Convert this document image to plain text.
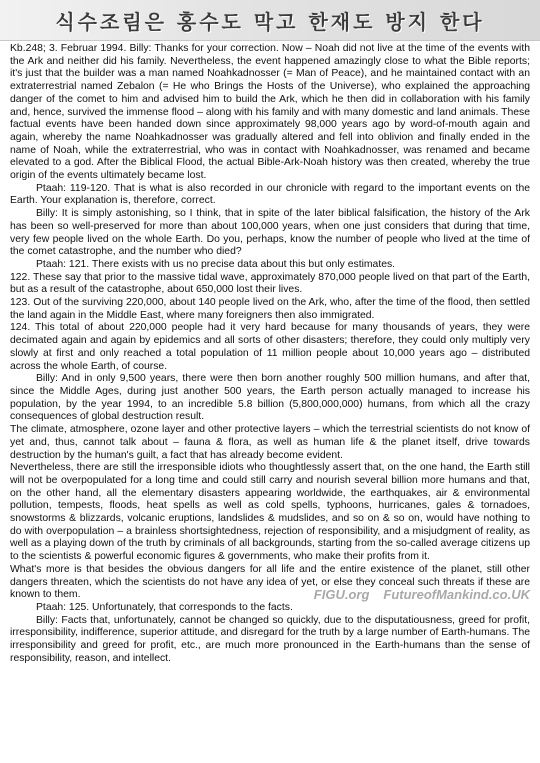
식수조림은 홍수도 막고 한재도 방지 한다

Kb.248; 3. Februar 1994. Billy: Thanks for your correction. Now – Noah did not live at the time of the events with the Ark and neither did his family. Nevertheless, the event happened amazingly close to what the Bible reports; it's just that the builder was a man named Noahkadnosser (= Man of Peace), and he maintained contact with an extraterrestrial named Zebalon (= He who Brings the Hosts of the Universe), who explained the approaching danger of the comet to him and advised him to build the Ark, which he then did in collaboration with his family and, hence, survived the immense flood – along with his family and with many domestic and land animals. These factual events have been handed down since approximately 98,000 years ago by word-of-mouth again and again, whereby the name Noahkadnosser was gradually altered and fell into oblivion and finally ended in the name of Noah, while the extraterrestrial, who was in contact with Noahkadnosser, was renamed and became elevated to a god. After the Biblical Flood, the actual Bible-Ark-Noah history was then created, whereby the true origin of the events ultimately became lost.

Ptaah: 119-120. That is what is also recorded in our chronicle with regard to the important events on the Earth. Your explanation is, therefore, correct.

Billy: It is simply astonishing, so I think, that in spite of the later biblical falsification, the history of the Ark has been so well-preserved for more than about 100,000 years, when one just considers that during that time, very few people lived on the whole Earth. Do you, perhaps, know the number of people who lived at the time of the comet catastrophe, and the number who died?

Ptaah: 121. There exists with us no precise data about this but only estimates.

122. These say that prior to the massive tidal wave, approximately 870,000 people lived on that part of the Earth, but as a result of the catastrophe, about 650,000 lost their lives.

123. Out of the surviving 220,000, about 140 people lived on the Ark, who, after the time of the flood, then settled the land again in the Middle East, where many foreigners then also immigrated.

124. This total of about 220,000 people had it very hard because for many thousands of years, they were decimated again and again by epidemics and all sorts of other disasters; therefore, they could only multiply very slowly at first and only reached a total population of 11 million people about 10,000 years ago – distributed across the whole Earth, of course.

Billy: And in only 9,500 years, there were then born another roughly 500 million humans, and after that, since the Middle Ages, during just another 500 years, the Earth person actually managed to increase his population, by the year 1994, to an incredible 5.8 billion (5,800,000,000) humans, from which all the crazy consequences of global destruction result.

The climate, atmosphere, ozone layer and other protective layers – which the terrestrial scientists do not know of yet and, thus, cannot talk about – fauna & flora, as well as human life & the planet itself, drive towards destruction by the human's guilt, a fact that has already become evident.

Nevertheless, there are still the irresponsible idiots who thoughtlessly assert that, on the one hand, the Earth still will not be overpopulated for a long time and could still carry and nourish several billion more humans and that, on the other hand, all the elementary disasters appearing worldwide, the earthquakes, air & environmental pollution, tempests, floods, heat spells as well as cold spells, typhoons, hurricanes, gales & tornadoes, snowstorms & blizzards, volcanic eruptions, landslides & mudslides, and so on & so on, would have nothing to do with overpopulation – a brainless shortsightedness, rejection of responsibility, and a misjudgment of reality, as well as a playing down of the truth by criminals of all backgrounds, starting from the so-called average citizens up to the scientists & powerful economic figures & governments, who make their profits from it.

What's more is that besides the obvious dangers for all life and the entire existence of the planet, still other dangers threaten, which the scientists do not have any idea of yet, or else they conceal such threats if these are known to them.	FIGU.org FutureofMankind.co.UK

Ptaah: 125. Unfortunately, that corresponds to the facts.

Billy: Facts that, unfortunately, cannot be changed so quickly, due to the disputatiousness, greed for profit, irresponsibility, indifference, superior attitude, and disregard for the truth by a large number of Earth-humans. The irresponsibility and greed for profit, etc., are much more pronounced in the Earth-humans than the sense of responsibility, reason, and intellect.
